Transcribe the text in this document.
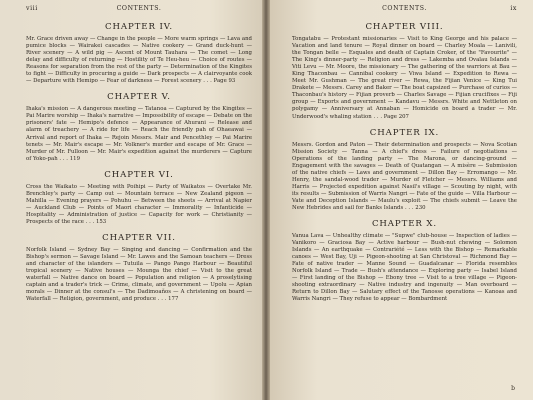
viii	CONTENTS.
CHAPTER IV.

Mr. Grace driven away — Change in the people — More warm springs — Lava and pumice blocks — Wairakei cascades — Native cookery — Grand duck-hunt — River scenery — A wild pig — Ascent of Mount Tauhara — The comet — Long delay and difficulty of returning — Hostility of Te Heu-heu — Choice of routes — Reasons for separation from the rest of the party — Determination of the Kingites to fight — Difficulty in procuring a guide — Dark prospects — A clairvoyante cook — Departure with Hemipo — Fear of darkness — Forest scenery . . . Page 93

CHAPTER V.

Ihaka's mission — A dangerous meeting — Tatanoa — Captured by the Kingites — Pai Marire worship — Ihaka's narrative — Impossibility of escape — Debate on the prisoners' fate — Hemipo's defence — Appearance of Ahurani — Release and alarm of treachery — A ride for life — Reach the friendly pah of Ohaeawai — Arrival and report of Ihaka — Rejoin Messrs. Mair and Pencethley — Pai Marire tenets — Mr. Mair's escape — Mr. Volkner's murder and escape of Mr. Grace — Murder of Mr. Fulloon — Mr. Mair's expedition against the murderers — Capture of Yoko-pah . . . 119

CHAPTER VI.

Cross the Waikato — Meeting with Poihipi — Party of Waikatos — Overtake Mr. Brenchley's party — Camp out — Mountain terrace — New Zealand pigeon — Mahilla — Evening prayers — Pohuhu — Between the sheets — Arrival at Napier — Auckland Club — Points of Maori character — Immorality — Infanticide — Hospitality — Administration of justice — Capacity for work — Christianity — Prospects of the race . . . 153

CHAPTER VII.

Norfolk Island — Sydney Bay — Singing and dancing — Confirmation and the Bishop's sermon — Savage Island — Mr. Lawes and the Samoan teachers — Dress and character of the islanders — Tutuila — Pango Pango Harbour — Beautiful tropical scenery — Native houses — Mounga the chief — Visit to the great waterfall — Native dance on board — Population and religion — A proselytising captain and a trader's trick — Crime, climate, and government — Upolu — Apian morals — Dinner at the consul's — The Dadimoaños — A christening on board — Waterfall — Religion, government, and produce . . . 177

CONTENTS.	ix
CHAPTER VIII.

Tongatabu — Protestant missionaries — Visit to King George and his palace — Vacation and land tenure — Royal dinner on board — Charley Moala — Lanivili, the Tongan belle — Esquales and death of Captain Croker, of the "Favourite" — The King's dinner-party — Religion and dress — Lakemba and Ovalau Islands — Viti Levu — Mr. Moore, the missionary — The gathering of the warriors at Bau — King Thaconbau — Cannibal cookery — Viwa Island — Expedition to Rewa — Meet Mr. Gushman — The great river — Rewa, the Fijian Venice — King Tui Drakete — Messrs. Carey and Baker — The boat capsized — Purchase of curios — Thaconbau's history — Fijian proverb — Charles Savage — Fijian crucifixes — Fiji group — Exports and government — Kandavu — Messrs. White and Nettleton on polygamy — Anniversary at Annaban — Homicide on board a trader — Mr. Underwood's whaling station . . . Page 207

CHAPTER IX.

Messrs. Gordon and Paton — Their determination and prospects — Nova Scotian Mission Society — Tanna — A chief's dress — Failure of negotiations — Operations of the landing party — The Marona, or dancing-ground — Engagement with the savages — Death of Quatangan — A misère — Submission of the native chiefs — Laws and government — Dillon Bay — Erromango — Mr. Henry, the sandal-wood trader — Murder of Fletcher — Messrs. Williams and Harris — Projected expedition against Nasil's village — Scouting by night, with its results — Submission of Warris Nangri — Fate of the guide — Villa Harbour — Vate and Deception Islands — Maulu's exploit — The chiefs submit — Leave the New Hebrides and sail for Banks Islands . . . 230

CHAPTER X.

Vanua Lava — Unhealthy climate — "Supwe" club-house — Inspection of ladies — Vanikoro — Graciosa Bay — Active harbour — Bush-nut chewing — Solomon Islands — An earthquake — Contrariété — Less with the Bishop — Remarkable canoes — West Bay, Uji — Pigeon-shooting at San Christoval — Richmond Bay — Fate of native trader — Manne Sound — Guadalcanar — Florida resembles Norfolk Island — Trade — Bush's attendance — Exploring party — Isabel Island — First landing of the Bishop — Ebony tree — Visit to a tree village — Pigeon-shooting extraordinary — Native industry and ingenuity — Man overboard — Return to Dillon Bay — Salutary effect of the Tanosse operations — Kanoas and Warris Nangri — They refuse to appear — Bombardment

b
